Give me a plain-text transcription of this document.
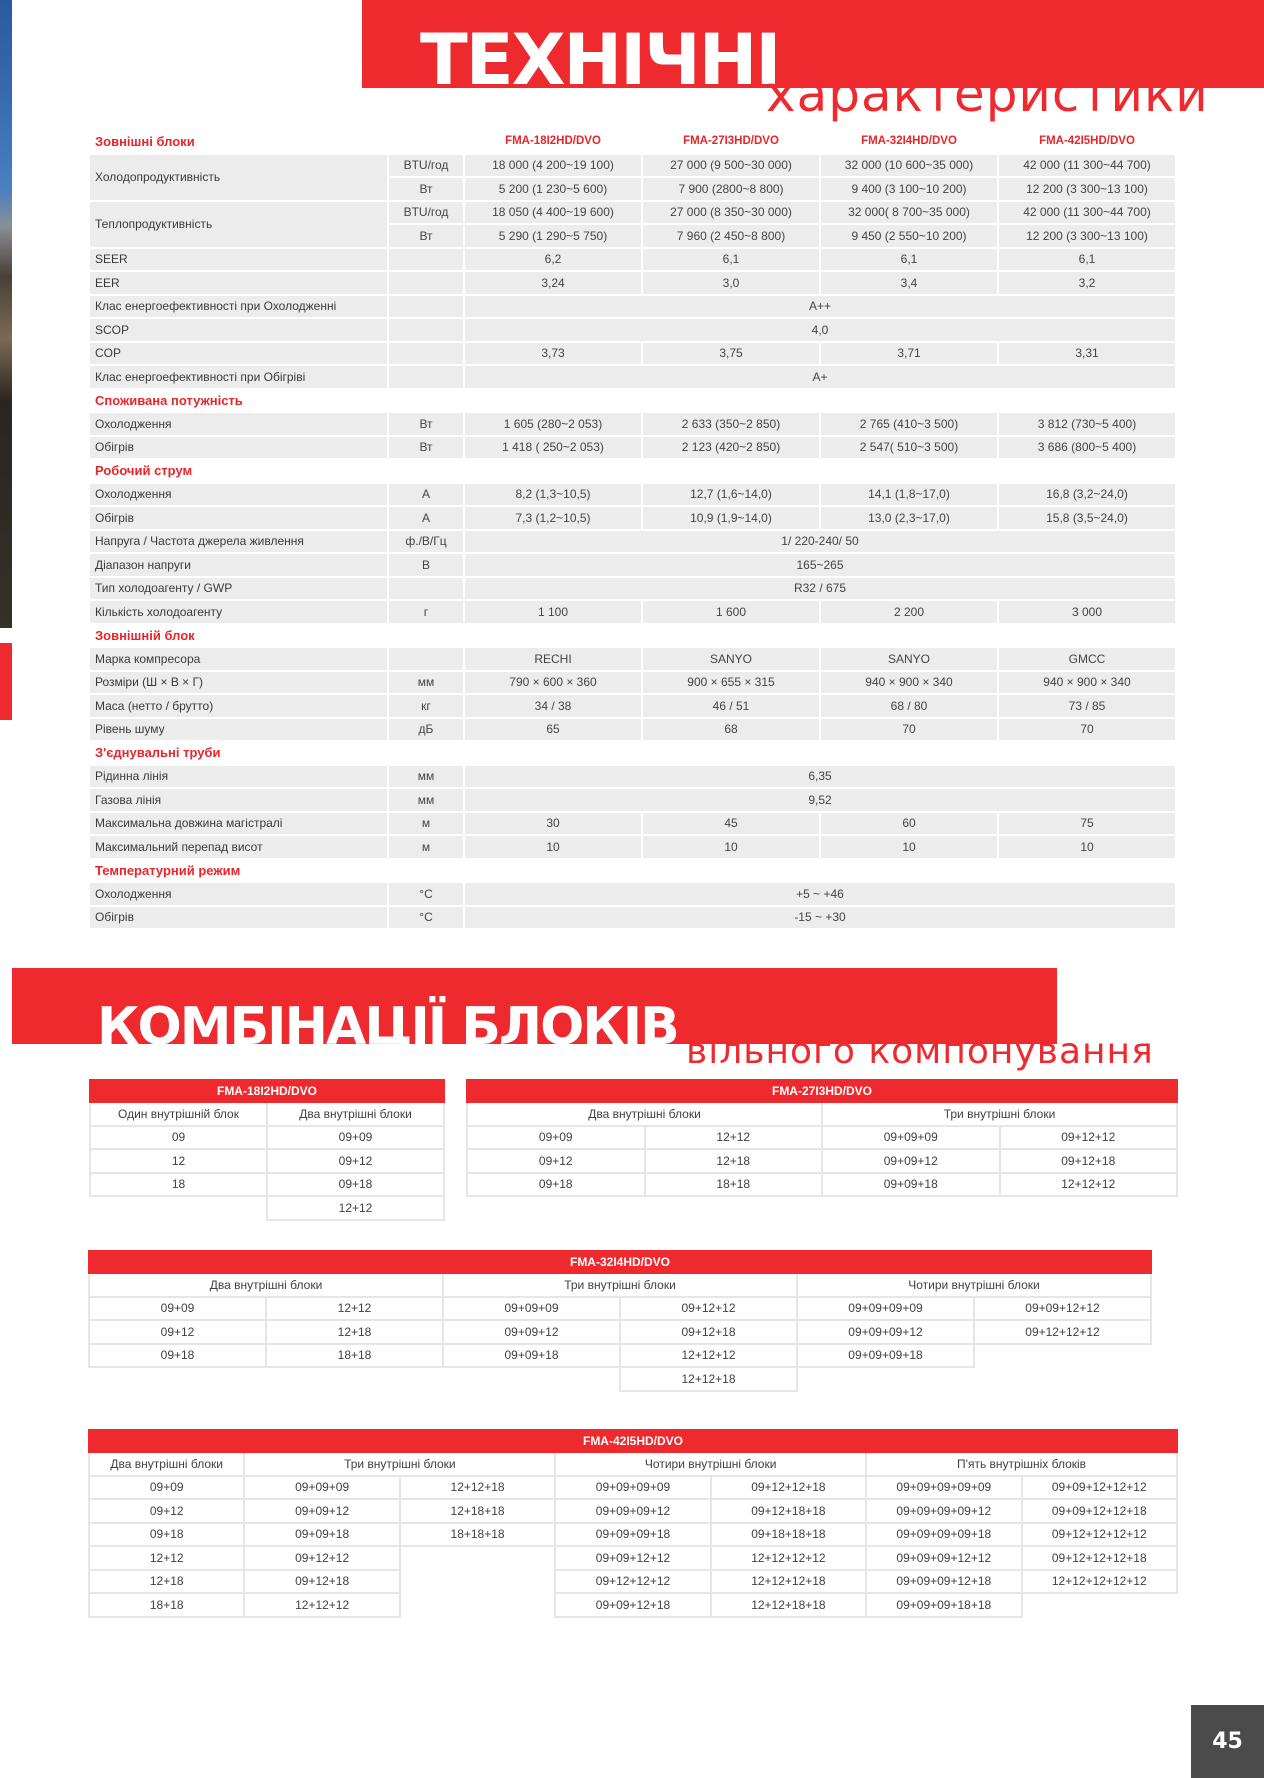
ТЕХНІЧНІ
характеристики
Зовнішні блоки		FMA-18I2HD/DVO	FMA-27I3HD/DVO	FMA-32I4HD/DVO	FMA-42I5HD/DVO
Холодопродуктивність	BTU/год	18 000 (4 200~19 100)	27 000 (9 500~30 000)	32 000 (10 600~35 000)	42 000 (11 300~44 700)
	Вт	5 200 (1 230~5 600)	7 900 (2800~8 800)	9 400 (3 100~10 200)	12 200 (3 300~13 100)
Теплопродуктивність	BTU/год	18 050 (4 400~19 600)	27 000 (8 350~30 000)	32 000( 8 700~35 000)	42 000 (11 300~44 700)
	Вт	5 290 (1 290~5 750)	7 960 (2 450~8 800)	9 450 (2 550~10 200)	12 200 (3 300~13 100)
SEER		6,2	6,1	6,1	6,1
EER		3,24	3,0	3,4	3,2
Клас енергоефективності при Охолодженні		A++			
SCOP		4,0			
COP		3,73	3,75	3,71	3,31
Клас енергоефективності при Обігріві		A+			
Споживана потужність					
Охолодження	Вт	1 605 (280~2 053)	2 633 (350~2 850)	2 765 (410~3 500)	3 812 (730~5 400)
Обігрів	Вт	1 418 ( 250~2 053)	2 123 (420~2 850)	2 547( 510~3 500)	3 686 (800~5 400)
Робочий струм					
Охолодження	А	8,2 (1,3~10,5)	12,7 (1,6~14,0)	14,1 (1,8~17,0)	16,8 (3,2~24,0)
Обігрів	А	7,3 (1,2~10,5)	10,9 (1,9~14,0)	13,0 (2,3~17,0)	15,8 (3,5~24,0)
Напруга / Частота джерела живлення	ф./В/Гц	1/ 220-240/ 50			
Діапазон напруги	В	165~265			
Тип холодоагенту / GWP		R32 / 675			
Кількість холодоагенту	г	1 100	1 600	2 200	3 000
Зовнішній блок					
Марка компресора		RECHI	SANYO	SANYO	GMCC
Розміри (Ш × В × Г)	мм	790 × 600 × 360	900 × 655 × 315	940 × 900 × 340	940 × 900 × 340
Маса (нетто / брутто)	кг	34 / 38	46 / 51	68 / 80	73 / 85
Рівень шуму	дБ	65	68	70	70
З'єднувальні труби					
Рідинна лінія	мм	6,35			
Газова лінія	мм	9,52			
Максимальна довжина магістралі	м	30	45	60	75
Максимальний перепад висот	м	10	10	10	10
Температурний режим					
Охолодження	°С	+5 ~ +46			
Обігрів	°С	-15 ~ +30			
КОМБІНАЦІЇ БЛОКІВ вільного компонування
FMA-18I2HD/DVO	
Один внутрішній блок	Два внутрішні блоки
09	09+09
12	09+12
18	09+18
	12+12
FMA-27I3HD/DVO			
Два внутрішні блоки		Три внутрішні блоки	
09+09	12+12	09+09+09	09+12+12
09+12	12+18	09+09+12	09+12+18
09+18	18+18	09+09+18	12+12+12
FMA-32I4HD/DVO					
Два внутрішні блоки		Три внутрішні блоки		Чотири внутрішні блоки	
09+09	12+12	09+09+09	09+12+12	09+09+09+09	09+09+12+12
09+12	12+18	09+09+12	09+12+18	09+09+09+12	09+12+12+12
09+18	18+18	09+09+18	12+12+12	09+09+09+18	
			12+12+18		
FMA-42I5HD/DVO						
Два внутрішні блоки	Три внутрішні блоки		Чотири внутрішні блоки		П'ять внутрішніх блоків	
09+09	09+09+09	12+12+18	09+09+09+09	09+12+12+18	09+09+09+09+09	09+09+12+12+12
09+12	09+09+12	12+18+18	09+09+09+12	09+12+18+18	09+09+09+09+12	09+09+12+12+18
09+18	09+09+18	18+18+18	09+09+09+18	09+18+18+18	09+09+09+09+18	09+12+12+12+12
12+12	09+12+12		09+09+12+12	12+12+12+12	09+09+09+12+12	09+12+12+12+18
12+18	09+12+18		09+12+12+12	12+12+12+18	09+09+09+12+18	12+12+12+12+12
18+18	12+12+12		09+09+12+18	12+12+18+18	09+09+09+18+18	
45
